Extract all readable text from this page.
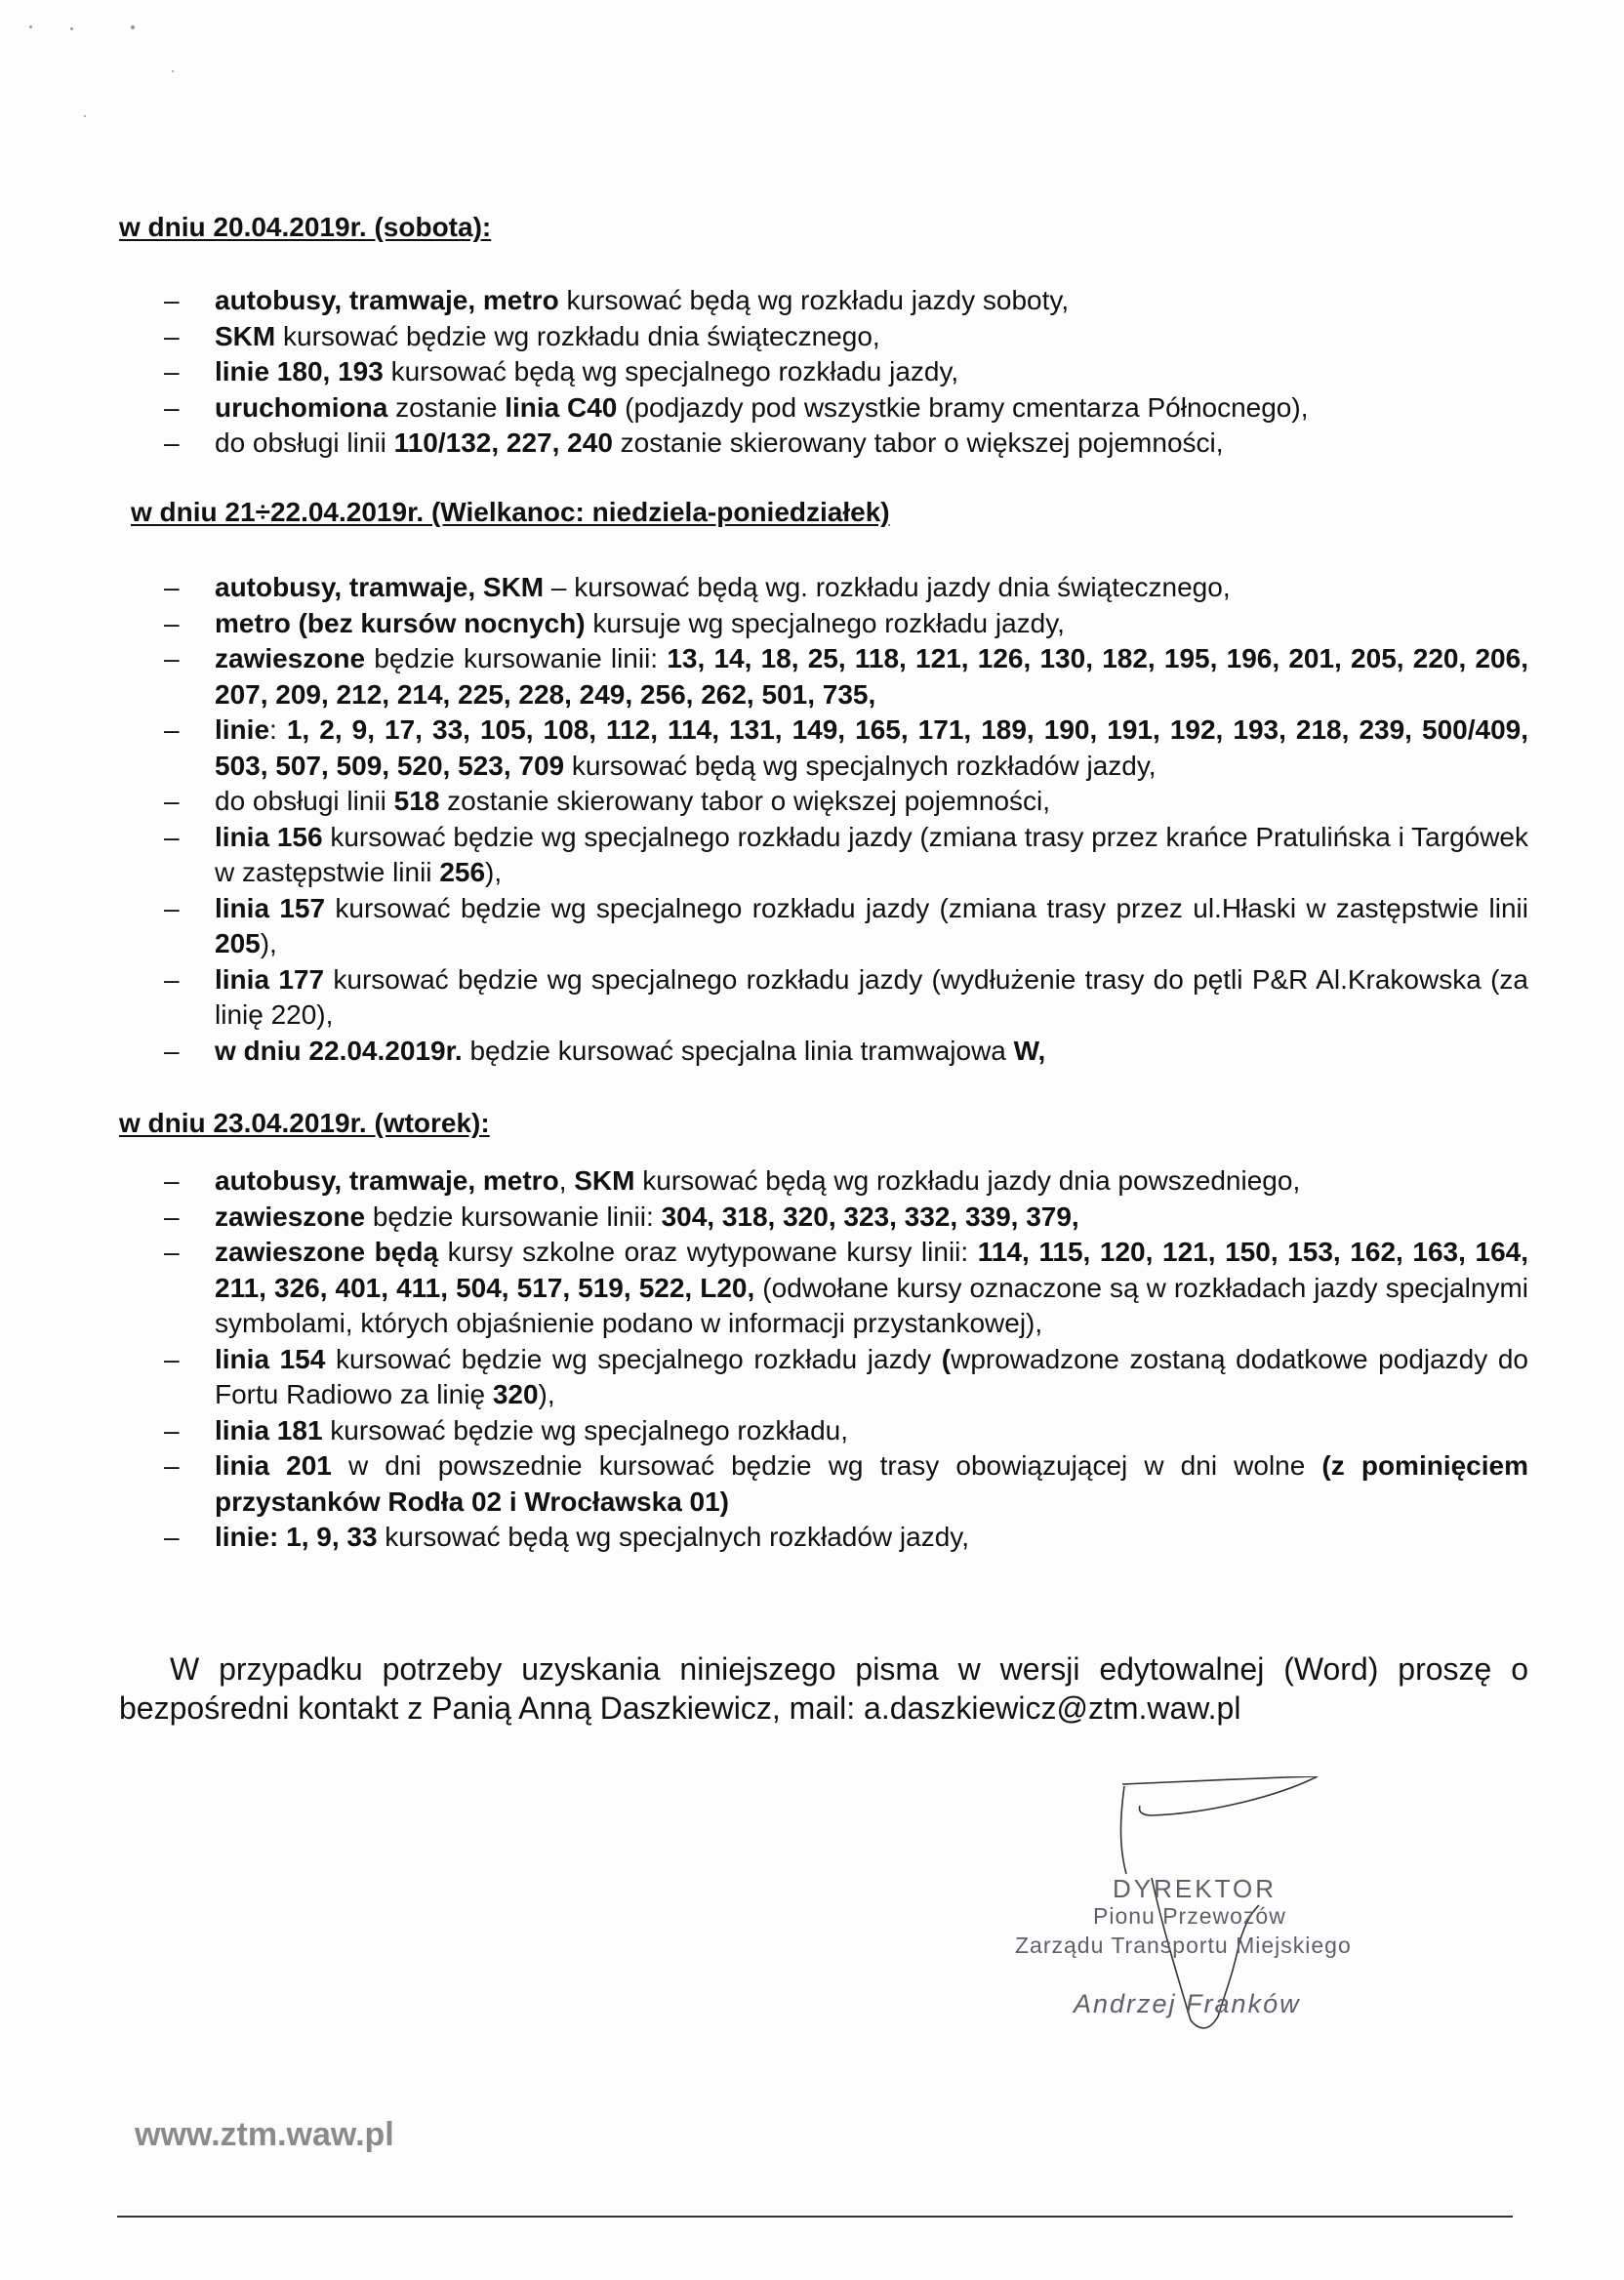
w dniu 20.04.2019r. (sobota):
– autobusy, tramwaje, metro kursować będą wg rozkładu jazdy soboty,
– SKM kursować będzie wg rozkładu dnia świątecznego,
– linie 180, 193 kursować będą wg specjalnego rozkładu jazdy,
– uruchomiona zostanie linia C40 (podjazdy pod wszystkie bramy cmentarza Północnego),
– do obsługi linii 110/132, 227, 240 zostanie skierowany tabor o większej pojemności,
w dniu 21÷22.04.2019r. (Wielkanoc: niedziela-poniedziałek)
– autobusy, tramwaje, SKM – kursować będą wg. rozkładu jazdy dnia świątecznego,
– metro (bez kursów nocnych) kursuje wg specjalnego rozkładu jazdy,
– zawieszone będzie kursowanie linii: 13, 14, 18, 25, 118, 121, 126, 130, 182, 195, 196, 201, 205, 220, 206, 207, 209, 212, 214, 225, 228, 249, 256, 262, 501, 735,
– linie: 1, 2, 9, 17, 33, 105, 108, 112, 114, 131, 149, 165, 171, 189, 190, 191, 192, 193, 218, 239, 500/409, 503, 507, 509, 520, 523, 709 kursować będą wg specjalnych rozkładów jazdy,
– do obsługi linii 518 zostanie skierowany tabor o większej pojemności,
– linia 156 kursować będzie wg specjalnego rozkładu jazdy (zmiana trasy przez krańce Pratulińska i Targówek w zastępstwie linii 256),
– linia 157 kursować będzie wg specjalnego rozkładu jazdy (zmiana trasy przez ul.Hłaski w zastępstwie linii 205),
– linia 177 kursować będzie wg specjalnego rozkładu jazdy (wydłużenie trasy do pętli P&R Al.Krakowska (za linię 220),
– w dniu 22.04.2019r. będzie kursować specjalna linia tramwajowa W,
w dniu 23.04.2019r. (wtorek):
– autobusy, tramwaje, metro, SKM kursować będą wg rozkładu jazdy dnia powszedniego,
– zawieszone będzie kursowanie linii: 304, 318, 320, 323, 332, 339, 379,
– zawieszone będą kursy szkolne oraz wytypowane kursy linii: 114, 115, 120, 121, 150, 153, 162, 163, 164, 211, 326, 401, 411, 504, 517, 519, 522, L20, (odwołane kursy oznaczone są w rozkładach jazdy specjalnymi symbolami, których objaśnienie podano w informacji przystankowej),
– linia 154 kursować będzie wg specjalnego rozkładu jazdy (wprowadzone zostaną dodatkowe podjazdy do Fortu Radiowo za linię 320),
– linia 181 kursować będzie wg specjalnego rozkładu,
– linia 201 w dni powszednie kursować będzie wg trasy obowiązującej w dni wolne (z pominięciem przystanków Rodła 02 i Wrocławska 01)
– linie: 1, 9, 33 kursować będą wg specjalnych rozkładów jazdy,

W przypadku potrzeby uzyskania niniejszego pisma w wersji edytowalnej (Word) proszę o bezpośredni kontakt z Panią Anną Daszkiewicz, mail: a.daszkiewicz@ztm.waw.pl

DYREKTOR
Pionu Przewozów
Zarządu Transportu Miejskiego
Andrzej Franków
www.ztm.waw.pl
